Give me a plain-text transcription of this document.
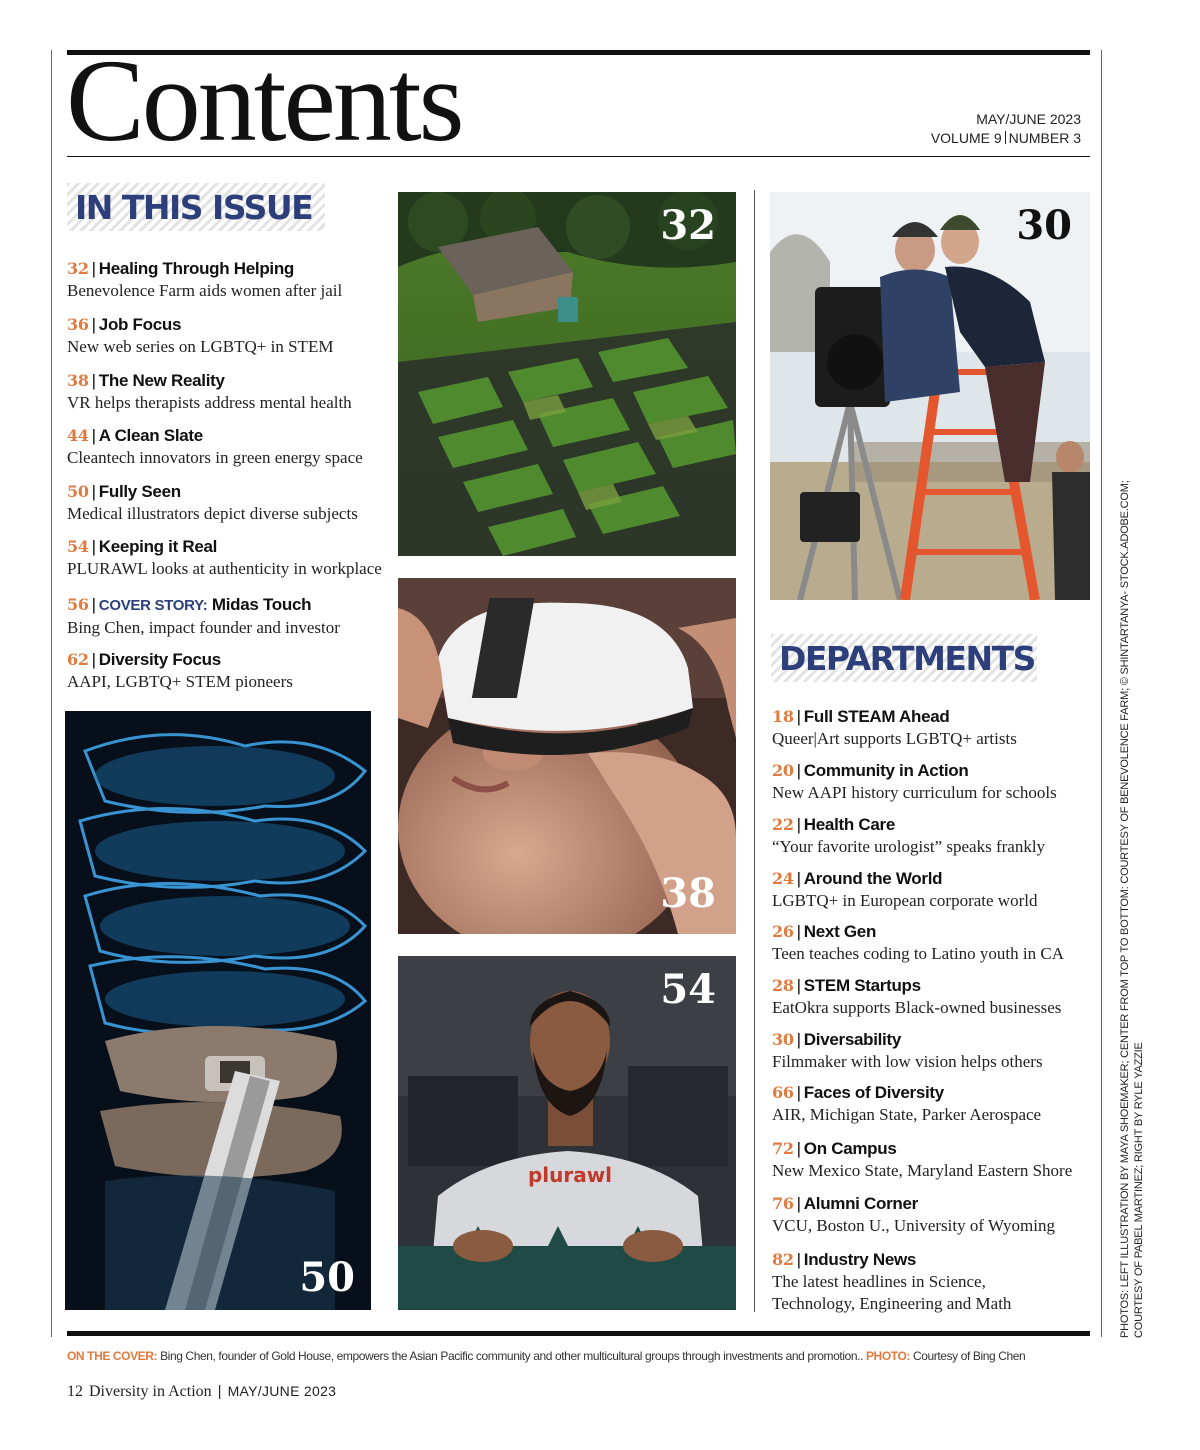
Contents	MAY/JUNE 2023
VOLUME 9 NUMBER 3
IN THIS ISSUE
32 | Healing Through Helping
Benevolence Farm aids women after jail
36 | Job Focus
New web series on LGBTQ+ in STEM
38 | The New Reality
VR helps therapists address mental health
44 | A Clean Slate
Cleantech innovators in green energy space
50 | Fully Seen
Medical illustrators depict diverse subjects
54 | Keeping it Real
PLURAWL looks at authenticity in workplace
56 | COVER STORY: Midas Touch
Bing Chen, impact founder and investor
62 | Diversity Focus
AAPI, LGBTQ+ STEM pioneers
32	30
38
50
plurawl
54
DEPARTMENTS
18 | Full STEAM Ahead
Queer|Art supports LGBTQ+ artists
20 | Community in Action
New AAPI history curriculum for schools
22 | Health Care
“Your favorite urologist” speaks frankly
24 | Around the World
LGBTQ+ in European corporate world
26 | Next Gen
Teen teaches coding to Latino youth in CA
28 | STEM Startups
EatOkra supports Black-owned businesses
30 | Diversability
Filmmaker with low vision helps others
66 | Faces of Diversity
AIR, Michigan State, Parker Aerospace
72 | On Campus
New Mexico State, Maryland Eastern Shore
76 | Alumni Corner
VCU, Boston U., University of Wyoming
82 | Industry News
The latest headlines in Science,
Technology, Engineering and Math	PHOTOS: LEFT ILLUSTRATION BY MAYA SHOEMAKER; CENTER FROM TOP TO BOTTOM: COURTESY OF BENEVOLENCE FARM; © SHINTARTANYA- STOCK.ADOBE.COM; COURTESY OF PABEL MARTINEZ; RIGHT BY RYLE YAZZIE
ON THE COVER: Bing Chen, founder of Gold House, empowers the Asian Pacific community and other multicultural groups through investments and promotion.. PHOTO: Courtesy of Bing Chen
12 Diversity in Action | MAY/JUNE 2023
